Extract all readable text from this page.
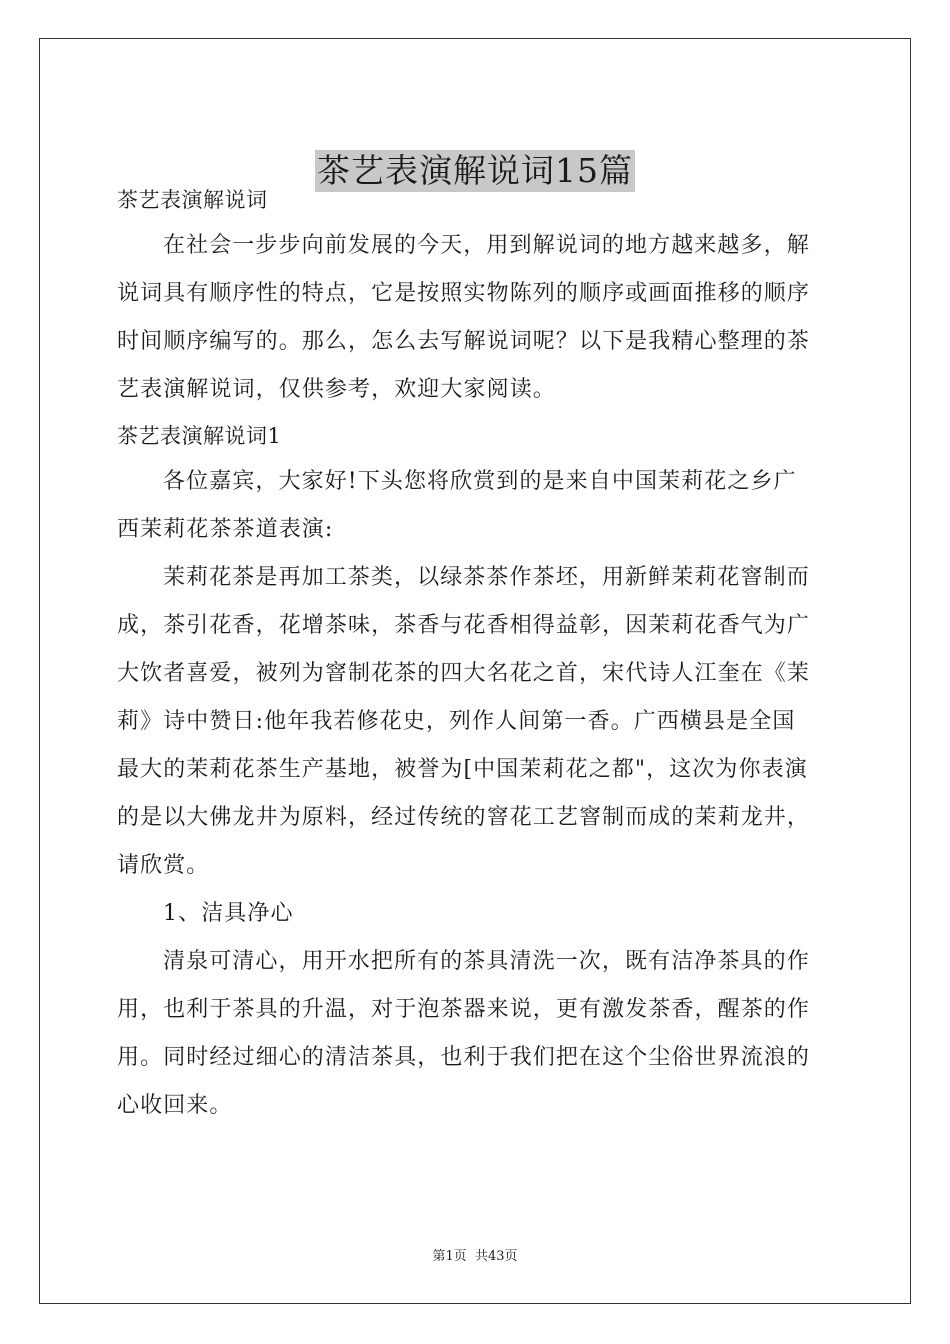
茶艺表演解说词15篇
茶艺表演解说词
在社会一步步向前发展的今天，用到解说词的地方越来越多，解
说词具有顺序性的特点，它是按照实物陈列的顺序或画面推移的顺序
时间顺序编写的。那么，怎么去写解说词呢？以下是我精心整理的茶
艺表演解说词，仅供参考，欢迎大家阅读。
茶艺表演解说词1
各位嘉宾，大家好!下头您将欣赏到的是来自中国茉莉花之乡广
西茉莉花茶茶道表演:
茉莉花茶是再加工茶类，以绿茶茶作茶坯，用新鲜茉莉花窨制而
成，茶引花香，花增茶味，茶香与花香相得益彰，因茉莉花香气为广
大饮者喜爱，被列为窨制花茶的四大名花之首，宋代诗人江奎在《茉
莉》诗中赞日:他年我若修花史，列作人间第一香。广西横县是全国
最大的茉莉花茶生产基地，被誉为[中国茉莉花之都"，这次为你表演
的是以大佛龙井为原料，经过传统的窨花工艺窨制而成的茉莉龙井，
请欣赏。
1、洁具净心
清泉可清心，用开水把所有的茶具清洗一次，既有洁净茶具的作
用，也利于茶具的升温，对于泡茶器来说，更有激发茶香，醒茶的作
用。同时经过细心的清洁茶具，也利于我们把在这个尘俗世界流浪的
心收回来。
第1页 共43页
